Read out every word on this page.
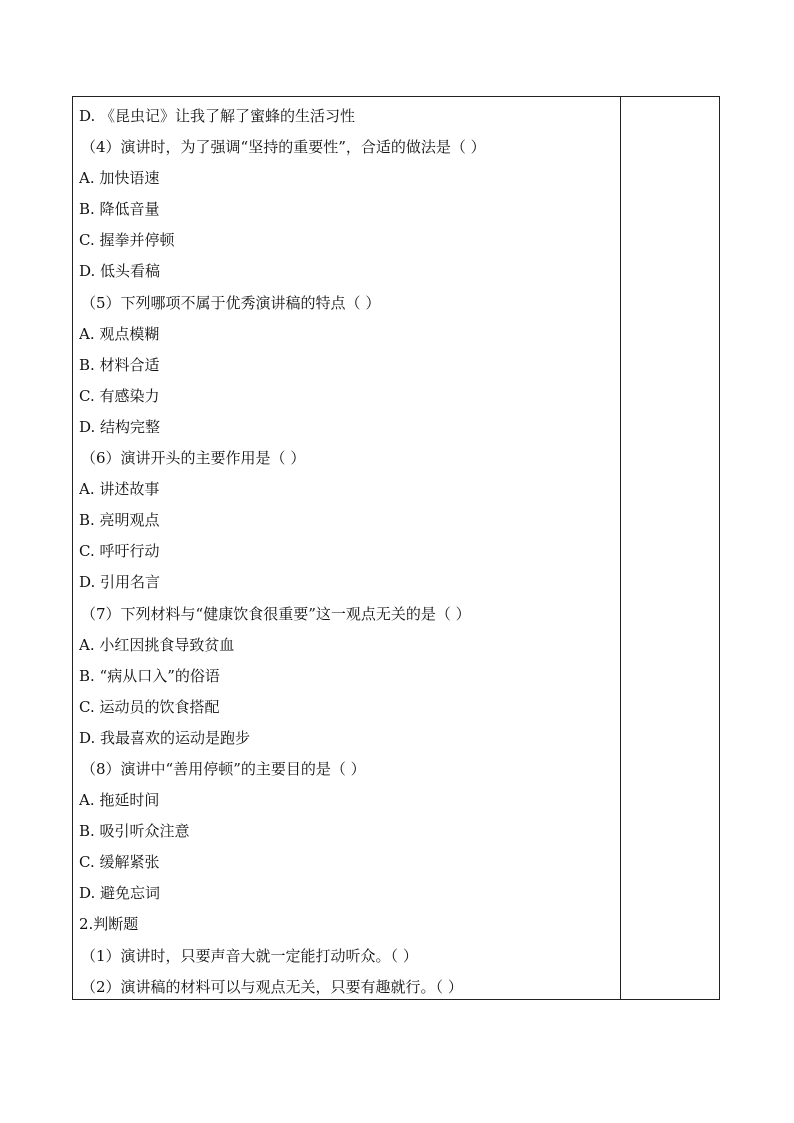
D. 《昆虫记》让我了解了蜜蜂的生活习性
（4）演讲时，为了强调“坚持的重要性”，合适的做法是（ ）
A. 加快语速
B. 降低音量
C. 握拳并停顿
D. 低头看稿
（5）下列哪项不属于优秀演讲稿的特点（ ）
A. 观点模糊
B. 材料合适
C. 有感染力
D. 结构完整
（6）演讲开头的主要作用是（ ）
A. 讲述故事
B. 亮明观点
C. 呼吁行动
D. 引用名言
（7）下列材料与“健康饮食很重要”这一观点无关的是（ ）
A. 小红因挑食导致贫血
B. “病从口入”的俗语
C. 运动员的饮食搭配
D. 我最喜欢的运动是跑步
（8）演讲中“善用停顿”的主要目的是（ ）
A. 拖延时间
B. 吸引听众注意
C. 缓解紧张
D. 避免忘词
2.判断题
（1）演讲时，只要声音大就一定能打动听众。（ ）
（2）演讲稿的材料可以与观点无关，只要有趣就行。（ ）
